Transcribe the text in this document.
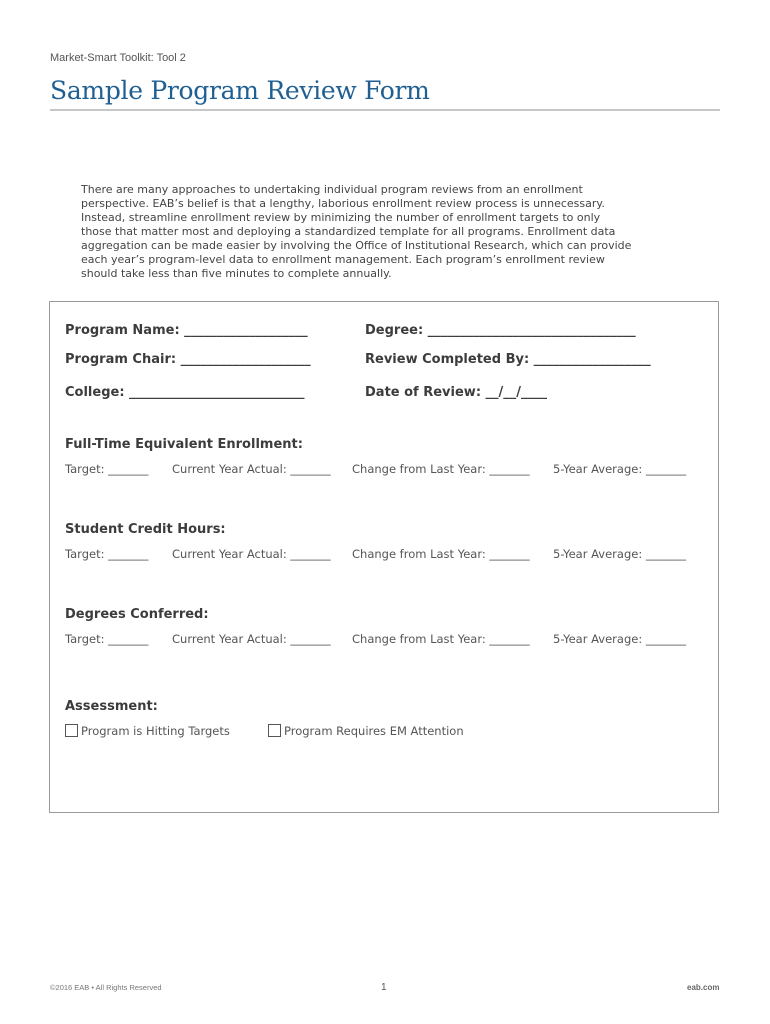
Market-Smart Toolkit: Tool 2
Sample Program Review Form

There are many approaches to undertaking individual program reviews from an enrollment

perspective. EAB’s belief is that a lengthy, laborious enrollment review process is unnecessary.

Instead, streamline enrollment review by minimizing the number of enrollment targets to only

those that matter most and deploying a standardized template for all programs. Enrollment data

aggregation can be made easier by involving the Office of Institutional Research, which can provide

each year’s program-level data to enrollment management. Each program’s enrollment review

should take less than five minutes to complete annually.

Program Name: ___________________	Degree: ________________________________
Program Chair: ____________________	Review Completed By: __________________
College: ___________________________	Date of Review: __/__/____
Full-Time Equivalent Enrollment:
Target: _______ Current Year Actual: _______ Change from Last Year: _______ 5-Year Average: _______
Student Credit Hours:
Target: _______ Current Year Actual: _______ Change from Last Year: _______ 5-Year Average: _______
Degrees Conferred:
Target: _______ Current Year Actual: _______ Change from Last Year: _______ 5-Year Average: _______
Assessment:
Program is Hitting Targets	Program Requires EM Attention
©2016 EAB • All Rights Reserved	1	eab.com
